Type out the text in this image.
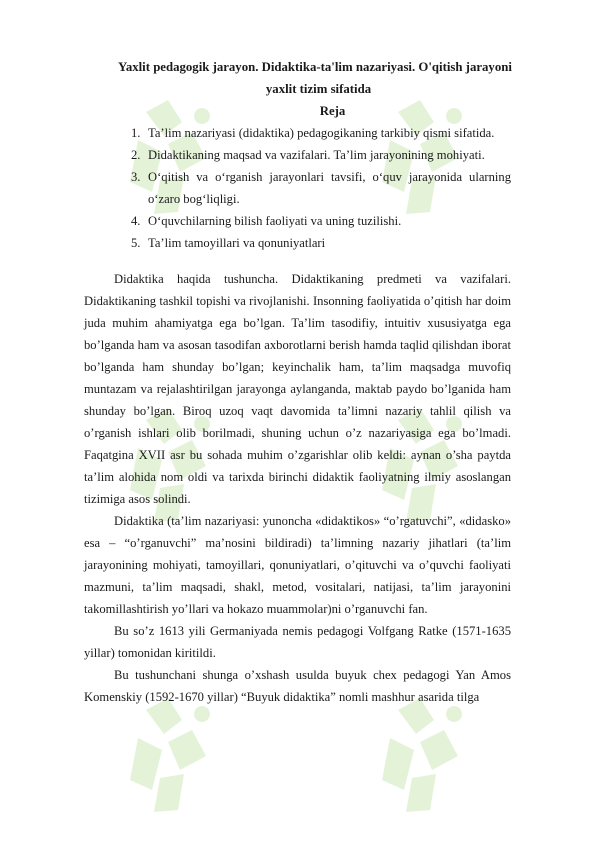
Yaxlit pedagogik jarayon. Didaktika-ta'lim nazariyasi. O'qitish jarayoni
yaxlit tizim sifatida
Reja
1. Ta’lim nazariyasi (didaktika) pedagogikaning tarkibiy qismi sifatida.
2. Didaktikaning maqsad va vazifalari. Ta’lim jarayonining mohiyati.
3. O‘qitish va o‘rganish jarayonlari tavsifi, o‘quv jarayonida ularning o‘zaro bog‘liqligi.
4. O‘quvchilarning bilish faoliyati va uning tuzilishi.
5. Ta’lim tamoyillari va qonuniyatlari

Didaktika haqida tushuncha. Didaktikaning predmeti va vazifalari. Didaktikaning tashkil topishi va rivojlanishi. Insonning faoliyatida o’qitish har doim juda muhim ahamiyatga ega bo’lgan. Ta’lim tasodifiy, intuitiv xususiyatga ega bo’lganda ham va asosan tasodifan axborotlarni berish hamda taqlid qilishdan iborat bo’lganda ham shunday bo’lgan; keyinchalik ham, ta’lim maqsadga muvofiq muntazam va rejalashtirilgan jarayonga aylanganda, maktab paydo bo’lganida ham shunday bo’lgan. Biroq uzoq vaqt davomida ta’limni nazariy tahlil qilish va o’rganish ishlari olib borilmadi, shuning uchun o’z nazariyasiga ega bo’lmadi. Faqatgina XVII asr bu sohada muhim o’zgarishlar olib keldi: aynan o’sha paytda ta’lim alohida nom oldi va tarixda birinchi didaktik faoliyatning ilmiy asoslangan tizimiga asos solindi.

Didaktika (ta’lim nazariyasi: yunoncha «didaktikos» “o’rgatuvchi”, «didasko» esa – “o’rganuvchi” ma’nosini bildiradi) ta’limning nazariy jihatlari (ta’lim jarayonining mohiyati, tamoyillari, qonuniyatlari, o’qituvchi va o’quvchi faoliyati mazmuni, ta’lim maqsadi, shakl, metod, vositalari, natijasi, ta’lim jarayonini takomillashtirish yo’llari va hokazo muammolar)ni o’rganuvchi fan.

Bu so’z 1613 yili Germaniyada nemis pedagogi Volfgang Ratke (1571-1635 yillar) tomonidan kiritildi.

Bu tushunchani shunga o’xshash usulda buyuk chex pedagogi Yan Amos Komenskiy (1592-1670 yillar) “Buyuk didaktika” nomli mashhur asarida tilga
